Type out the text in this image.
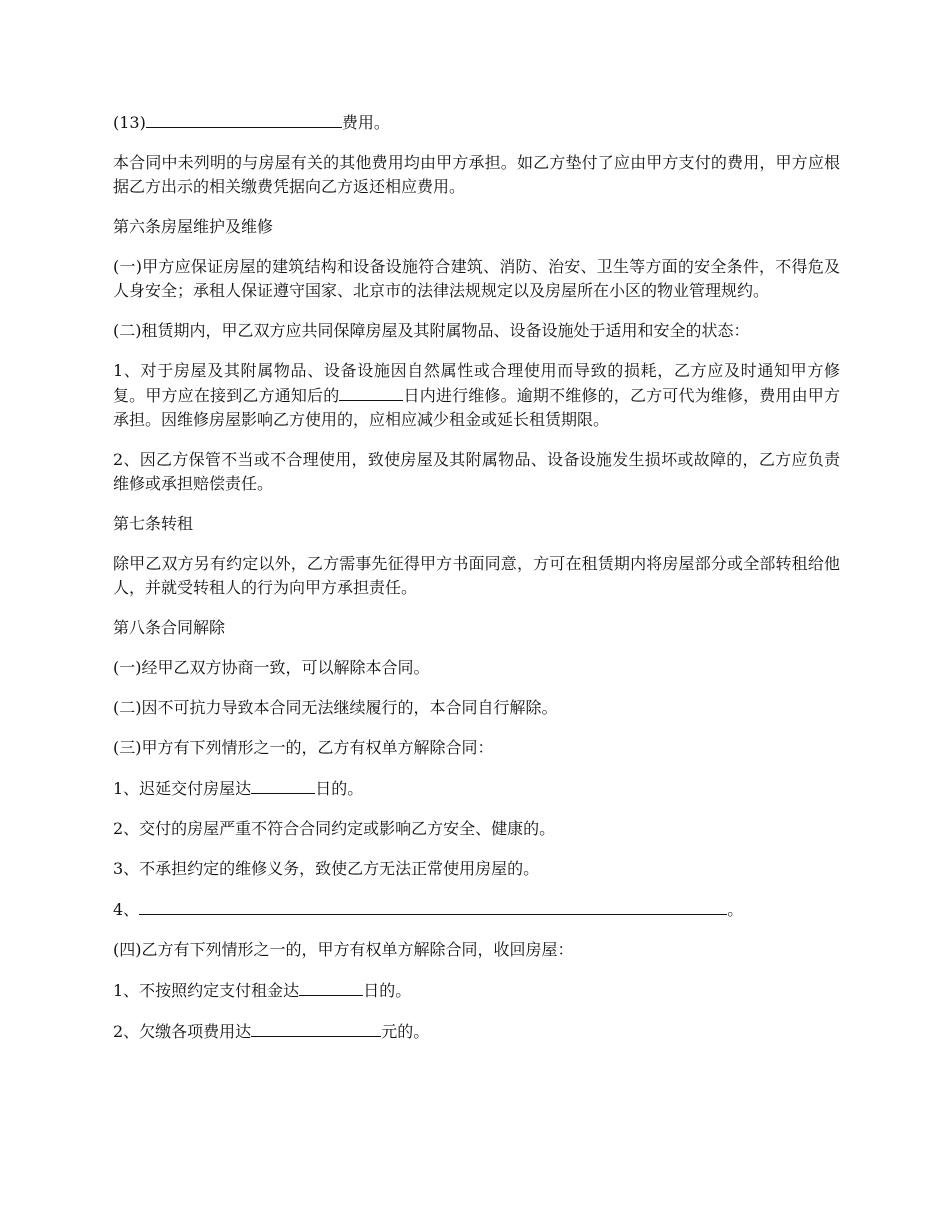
(13)	费用。

本合同中未列明的与房屋有关的其他费用均由甲方承担。如乙方垫付了应由甲方支付的费用，甲方应根据乙方出示的相关缴费凭据向乙方返还相应费用。

第六条房屋维护及维修

(一)甲方应保证房屋的建筑结构和设备设施符合建筑、消防、治安、卫生等方面的安全条件，不得危及人身安全；承租人保证遵守国家、北京市的法律法规规定以及房屋所在小区的物业管理规约。

(二)租赁期内，甲乙双方应共同保障房屋及其附属物品、设备设施处于适用和安全的状态：

1、对于房屋及其附属物品、设备设施因自然属性或合理使用而导致的损耗，乙方应及时通知甲方修复。甲方应在接到乙方通知后的	日内进行维修。逾期不维修的，乙方可代为维修，费用由甲方承担。因维修房屋影响乙方使用的，应相应减少租金或延长租赁期限。

2、因乙方保管不当或不合理使用，致使房屋及其附属物品、设备设施发生损坏或故障的，乙方应负责维修或承担赔偿责任。

第七条转租

除甲乙双方另有约定以外，乙方需事先征得甲方书面同意，方可在租赁期内将房屋部分或全部转租给他人，并就受转租人的行为向甲方承担责任。

第八条合同解除

(一)经甲乙双方协商一致，可以解除本合同。

(二)因不可抗力导致本合同无法继续履行的，本合同自行解除。

(三)甲方有下列情形之一的，乙方有权单方解除合同：

1、迟延交付房屋达	日的。

2、交付的房屋严重不符合合同约定或影响乙方安全、健康的。

3、不承担约定的维修义务，致使乙方无法正常使用房屋的。

4、	。

(四)乙方有下列情形之一的，甲方有权单方解除合同，收回房屋：

1、不按照约定支付租金达	日的。

2、欠缴各项费用达	元的。
